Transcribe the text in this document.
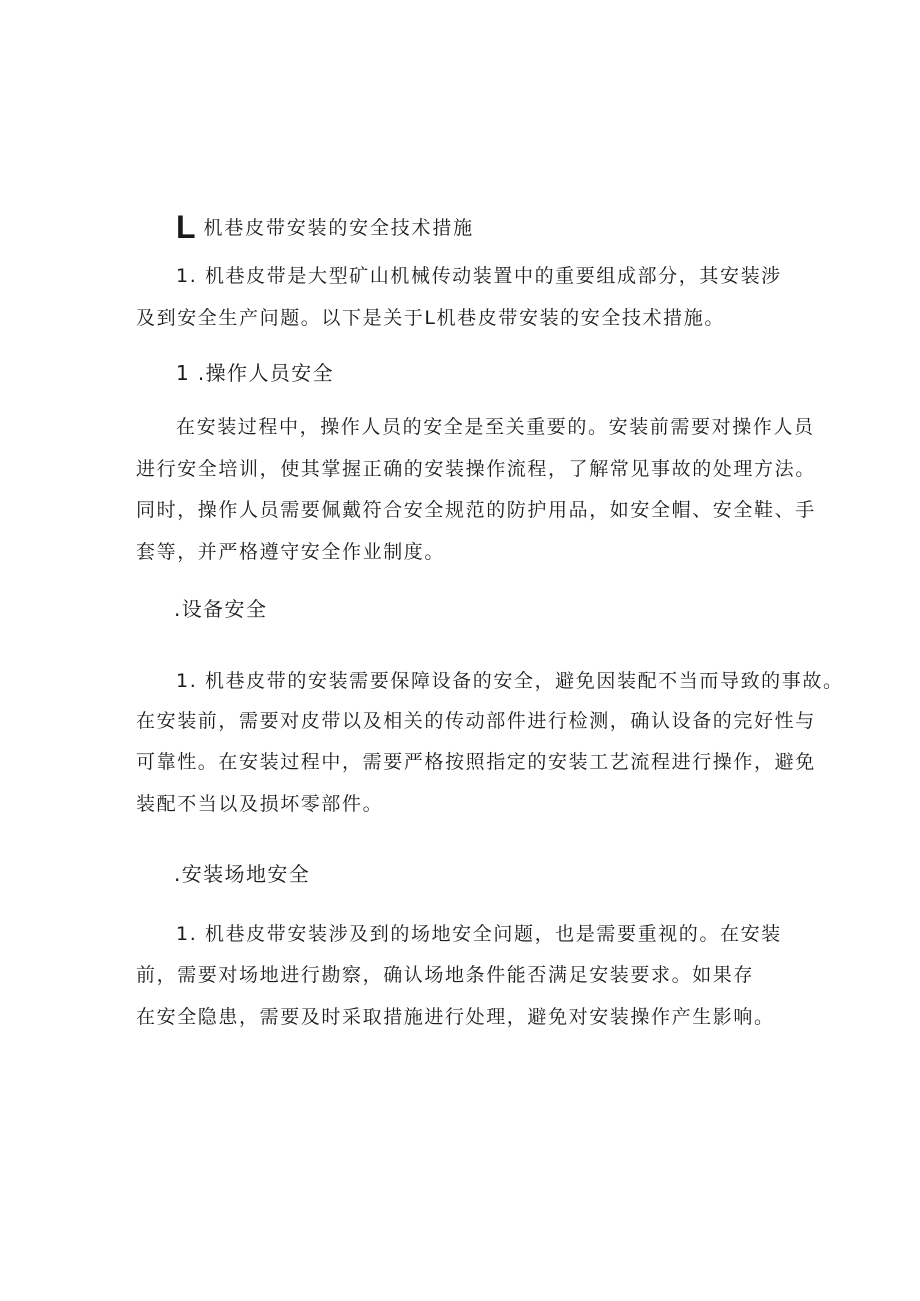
L机巷皮带安装的安全技术措施
1. 机巷皮带是大型矿山机械传动装置中的重要组成部分，其安装涉
及到安全生产问题。以下是关于L机巷皮带安装的安全技术措施。
1 .操作人员安全
在安装过程中，操作人员的安全是至关重要的。安装前需要对操作人员
进行安全培训，使其掌握正确的安装操作流程，了解常见事故的处理方法。
同时，操作人员需要佩戴符合安全规范的防护用品，如安全帽、安全鞋、手
套等，并严格遵守安全作业制度。
.设备安全
1. 机巷皮带的安装需要保障设备的安全，避免因装配不当而导致的事故。
在安装前，需要对皮带以及相关的传动部件进行检测，确认设备的完好性与
可靠性。在安装过程中，需要严格按照指定的安装工艺流程进行操作，避免
装配不当以及损坏零部件。
.安装场地安全
1. 机巷皮带安装涉及到的场地安全问题，也是需要重视的。在安装
前，需要对场地进行勘察，确认场地条件能否满足安装要求。如果存
在安全隐患，需要及时采取措施进行处理，避免对安装操作产生影响。
